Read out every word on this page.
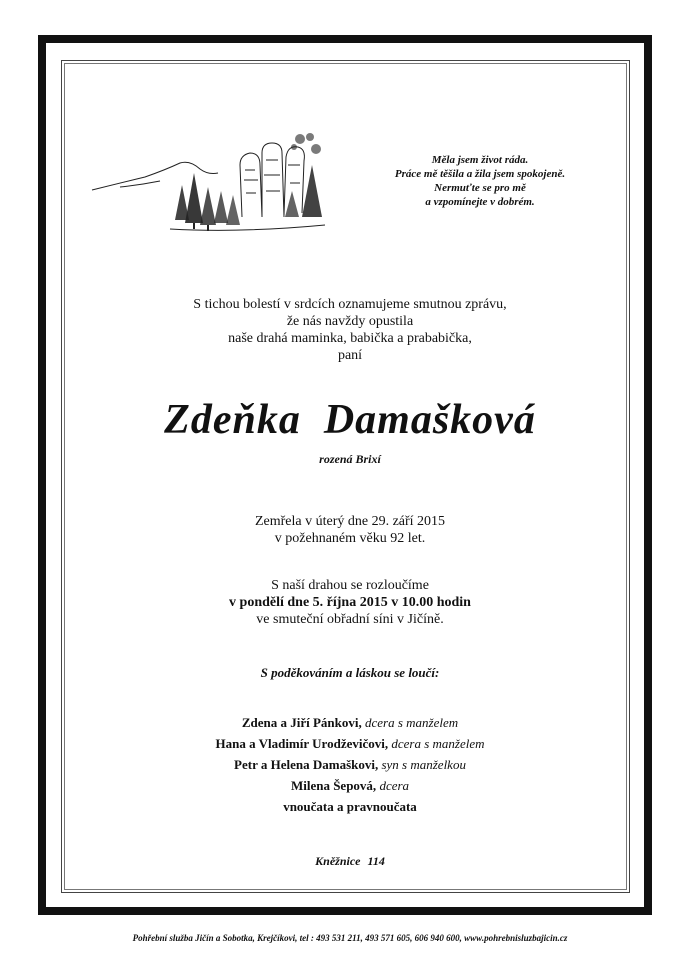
Měla jsem život ráda.
Práce mě těšila a žila jsem spokojeně.
Nermuťte se pro mě
a vzpomínejte v dobrém.
S tichou bolestí v srdcích oznamujeme smutnou zprávu,
že nás navždy opustila
naše drahá maminka, babička a prababička,
paní
Zdeňka  Damašková
rozená Brixí
Zemřela v úterý dne 29. září 2015
v požehnaném věku 92 let.
S naší drahou se rozloučíme
v pondělí dne 5. října 2015 v 10.00 hodin
ve smuteční obřadní síni v Jičíně.
S poděkováním a láskou se loučí:
Zdena a Jiří Pánkovi, dcera s manželem
Hana a Vladimír Urodževičovi, dcera s manželem
Petr a Helena Damaškovi, syn s manželkou
Milena Šepová, dcera
vnoučata a pravnoučata
Kněžnice 114
Pohřební služba Jičín a Sobotka, Krejčíkovi, tel : 493 531 211, 493 571 605, 606 940 600, www.pohrebnisluzbajicin.cz
